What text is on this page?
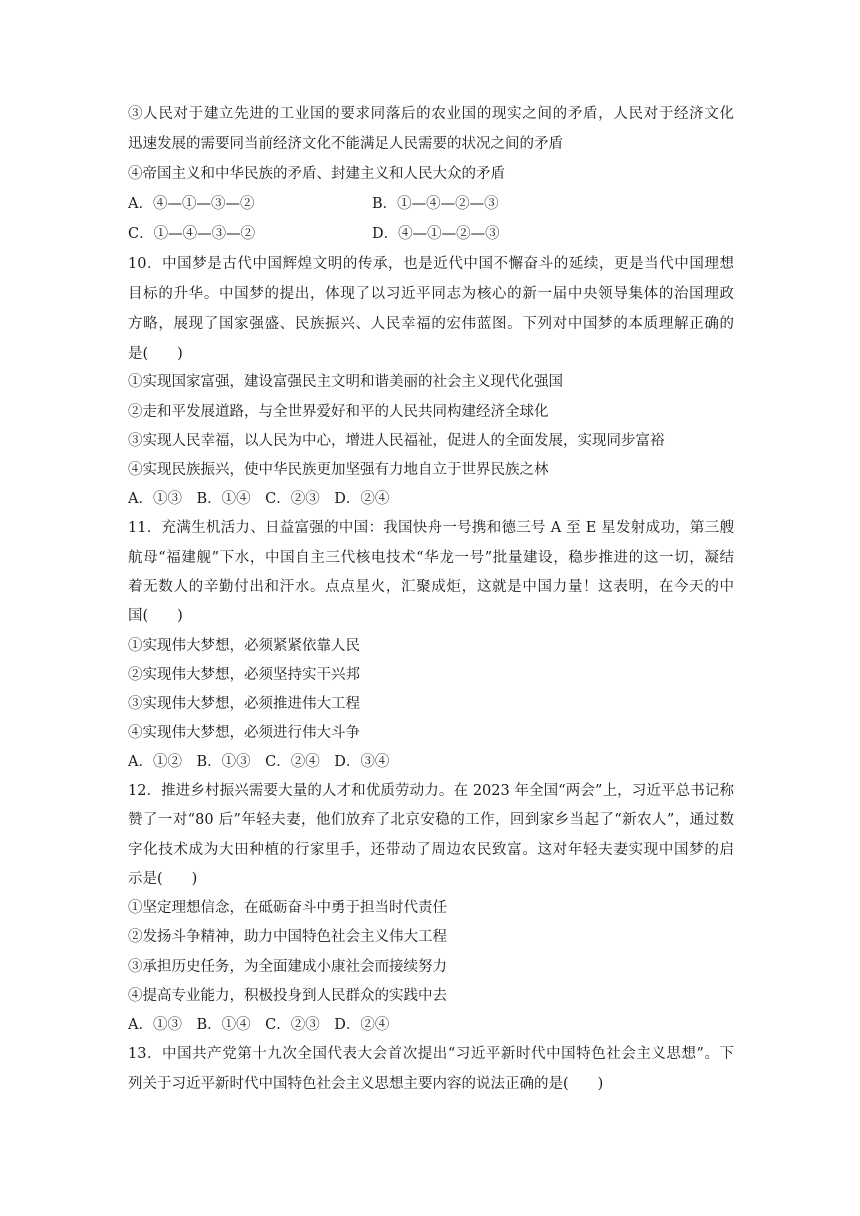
③人民对于建立先进的工业国的要求同落后的农业国的现实之间的矛盾，人民对于经济文化
迅速发展的需要同当前经济文化不能满足人民需要的状况之间的矛盾
④帝国主义和中华民族的矛盾、封建主义和人民大众的矛盾
A．④—①—③—②	B．①—④—②—③
C．①—④—③—②	D．④—①—②—③
10．中国梦是古代中国辉煌文明的传承，也是近代中国不懈奋斗的延续，更是当代中国理想
目标的升华。中国梦的提出，体现了以习近平同志为核心的新一届中央领导集体的治国理政
方略，展现了国家强盛、民族振兴、人民幸福的宏伟蓝图。下列对中国梦的本质理解正确的
是(　　)
①实现国家富强，建设富强民主文明和谐美丽的社会主义现代化强国
②走和平发展道路，与全世界爱好和平的人民共同构建经济全球化
③实现人民幸福，以人民为中心，增进人民福祉，促进人的全面发展，实现同步富裕
④实现民族振兴，使中华民族更加坚强有力地自立于世界民族之林
A．①③　B．①④　C．②③　D．②④
11．充满生机活力、日益富强的中国：我国快舟一号携和德三号 A 至 E 星发射成功，第三艘
航母“福建舰”下水，中国自主三代核电技术“华龙一号”批量建设，稳步推进的这一切，凝结
着无数人的辛勤付出和汗水。点点星火，汇聚成炬，这就是中国力量！这表明，在今天的中
国(　　)
①实现伟大梦想，必须紧紧依靠人民
②实现伟大梦想，必须坚持实干兴邦
③实现伟大梦想，必须推进伟大工程
④实现伟大梦想，必须进行伟大斗争
A．①②　B．①③　C．②④　D．③④
12．推进乡村振兴需要大量的人才和优质劳动力。在 2023 年全国“两会”上，习近平总书记称
赞了一对“80 后”年轻夫妻，他们放弃了北京安稳的工作，回到家乡当起了“新农人”，通过数
字化技术成为大田种植的行家里手，还带动了周边农民致富。这对年轻夫妻实现中国梦的启
示是(　　)
①坚定理想信念，在砥砺奋斗中勇于担当时代责任
②发扬斗争精神，助力中国特色社会主义伟大工程
③承担历史任务，为全面建成小康社会而接续努力
④提高专业能力，积极投身到人民群众的实践中去
A．①③　B．①④　C．②③　D．②④
13．中国共产党第十九次全国代表大会首次提出“习近平新时代中国特色社会主义思想”。下
列关于习近平新时代中国特色社会主义思想主要内容的说法正确的是(　　)
